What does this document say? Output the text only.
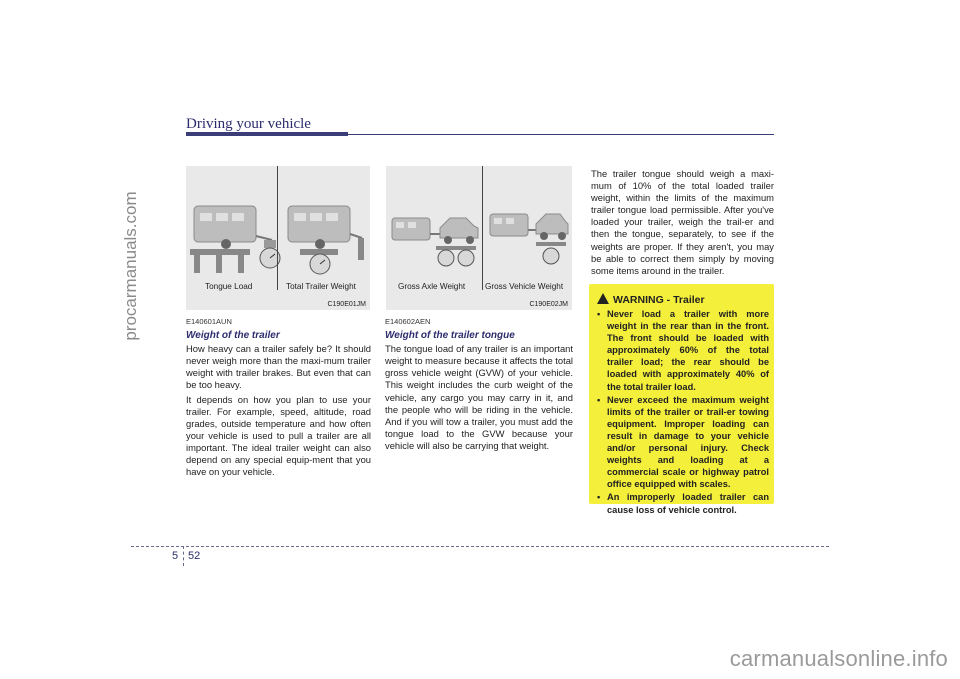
procarmanuals.com
carmanualsonline.info
Driving your vehicle
Tongue Load	Total Trailer Weight
C190E01JM
Gross Axle Weight Gross Vehicle Weight
C190E02JM
E140601AUN
Weight of the trailer

How heavy can a trailer safely be? It should never weigh more than the maxi-mum trailer weight with trailer brakes. But even that can be too heavy.

It depends on how you plan to use your trailer. For example, speed, altitude, road grades, outside temperature and how often your vehicle is used to pull a trailer are all important. The ideal trailer weight can also depend on any special equip-ment that you have on your vehicle.

E140602AEN
Weight of the trailer tongue

The tongue load of any trailer is an important weight to measure because it affects the total gross vehicle weight (GVW) of your vehicle. This weight includes the curb weight of the vehicle, any cargo you may carry in it, and the people who will be riding in the vehicle. And if you will tow a trailer, you must add the tongue load to the GVW because your vehicle will also be carrying that weight.

The trailer tongue should weigh a maxi-mum of 10% of the total loaded trailer weight, within the limits of the maximum trailer tongue load permissible. After you've loaded your trailer, weigh the trail-er and then the tongue, separately, to see if the weights are proper. If they aren't, you may be able to correct them simply by moving some items around in the trailer.

WARNING - Trailer
• Never load a trailer with more weight in the rear than in the front. The front should be loaded with approximately 60% of the total trailer load; the rear should be loaded with approximately 40% of the total trailer load.
• Never exceed the maximum weight limits of the trailer or trail-er towing equipment. Improper loading can result in damage to your vehicle and/or personal injury. Check weights and loading at a commercial scale or highway patrol office equipped with scales.
• An improperly loaded trailer can cause loss of vehicle control.
5 52
